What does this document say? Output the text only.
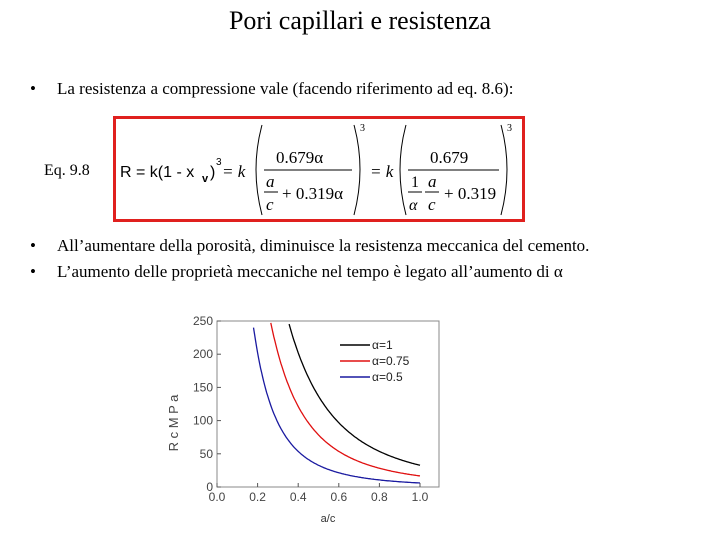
Pori capillari e resistenza
• La resistenza a compressione vale (facendo riferimento ad eq. 8.6):
Eq. 9.8 R = k(1 - x v )
3 = k
3
0.679α
a
c
+ 0.319α
= k
3
0.679
1
α
a
c
+ 0.319
• All’aumentare della porosità, diminuisce la resistenza meccanica del cemento.
• L’aumento delle proprietà meccaniche nel tempo è legato all’aumento di α
0.0 0.2 0.4 0.6 0.8 1.0
0
50
100
150
200
250
α=1
α=0.75
α=0.5
a/c
R c M P a
